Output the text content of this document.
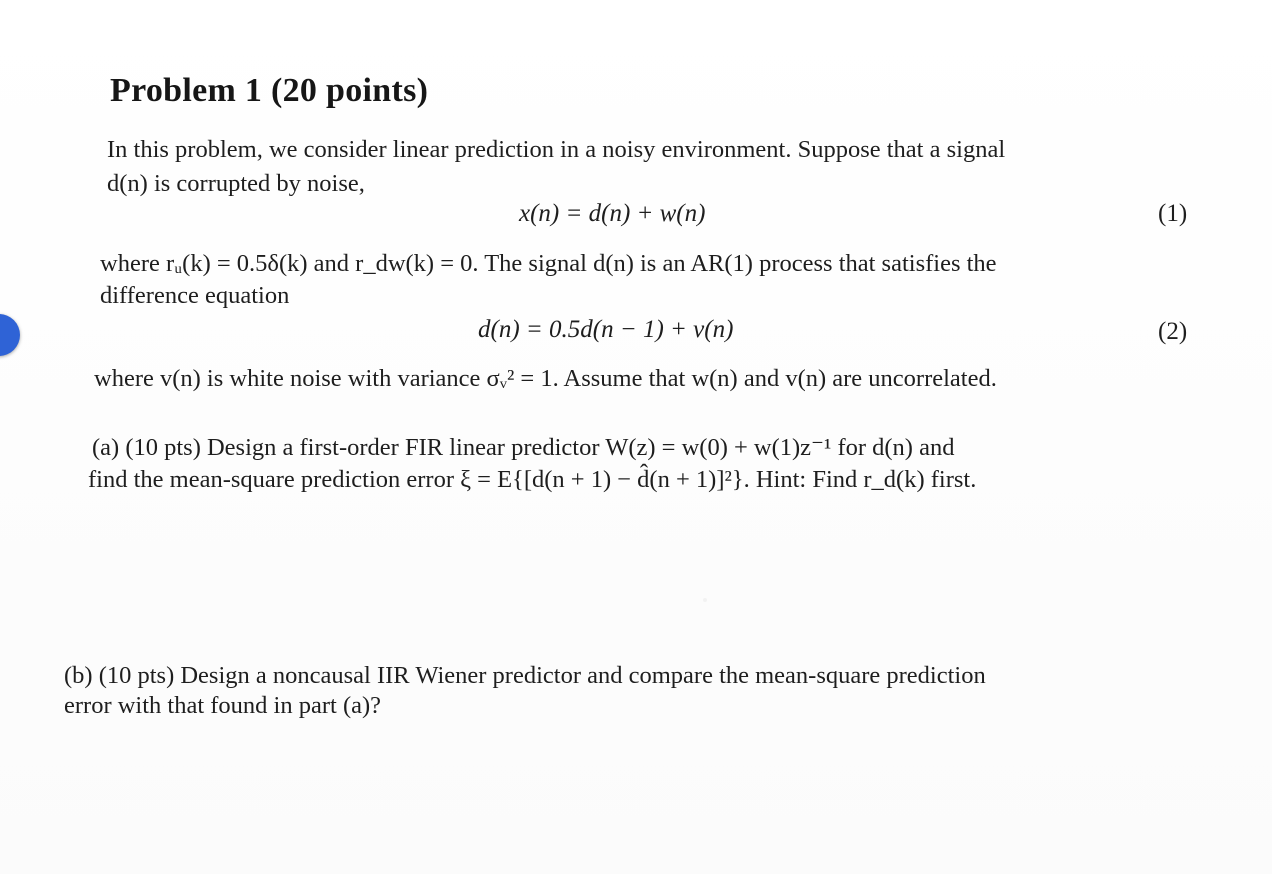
Problem 1 (20 points)

In this problem, we consider linear prediction in a noisy environment. Suppose that a signal

d(n) is corrupted by noise,

x(n) = d(n) + w(n)	(1)

where rᵤ(k) = 0.5δ(k) and r_dw(k) = 0. The signal d(n) is an AR(1) process that satisfies the

difference equation

d(n) = 0.5d(n − 1) + v(n)	(2)

where v(n) is white noise with variance σᵥ² = 1. Assume that w(n) and v(n) are uncorrelated.

(a) (10 pts) Design a first-order FIR linear predictor W(z) = w(0) + w(1)z⁻¹ for d(n) and

find the mean-square prediction error ξ = E{[d(n + 1) − d̂(n + 1)]²}. Hint: Find r_d(k) first.

(b) (10 pts) Design a noncausal IIR Wiener predictor and compare the mean-square prediction

error with that found in part (a)?
